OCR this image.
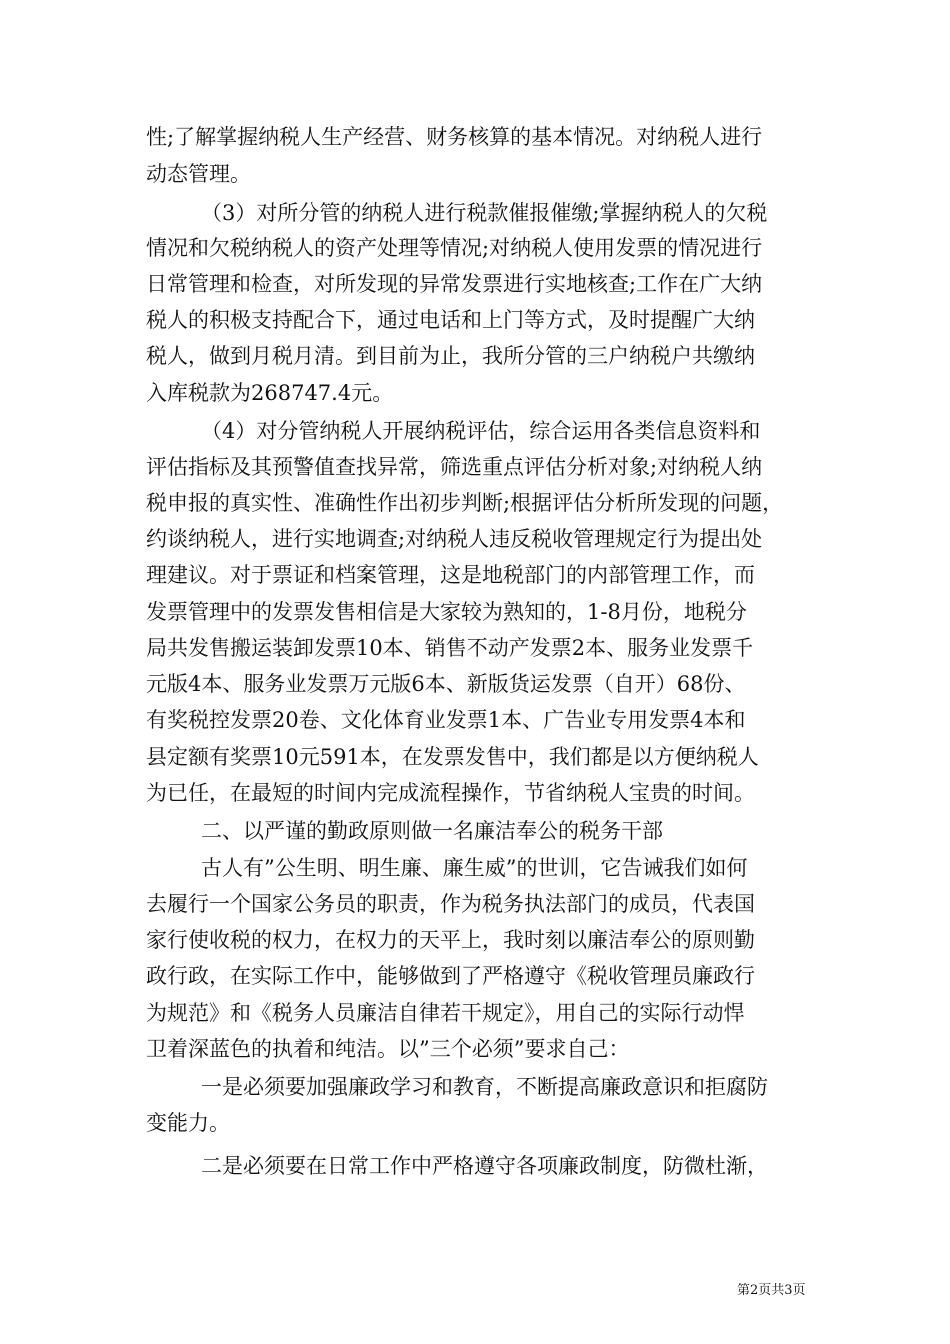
性;了解掌握纳税人生产经营、财务核算的基本情况。对纳税人进行
动态管理。
（3）对所分管的纳税人进行税款催报催缴;掌握纳税人的欠税
情况和欠税纳税人的资产处理等情况;对纳税人使用发票的情况进行
日常管理和检查，对所发现的异常发票进行实地核查;工作在广大纳
税人的积极支持配合下，通过电话和上门等方式，及时提醒广大纳
税人，做到月税月清。到目前为止，我所分管的三户纳税户共缴纳
入库税款为268747.4元。
（4）对分管纳税人开展纳税评估，综合运用各类信息资料和
评估指标及其预警值查找异常，筛选重点评估分析对象;对纳税人纳
税申报的真实性、准确性作出初步判断;根据评估分析所发现的问题，
约谈纳税人，进行实地调查;对纳税人违反税收管理规定行为提出处
理建议。对于票证和档案管理，这是地税部门的内部管理工作，而
发票管理中的发票发售相信是大家较为熟知的，1-8月份，地税分
局共发售搬运装卸发票10本、销售不动产发票2本、服务业发票千
元版4本、服务业发票万元版6本、新版货运发票（自开）68份、
有奖税控发票20卷、文化体育业发票1本、广告业专用发票4本和
县定额有奖票10元591本，在发票发售中，我们都是以方便纳税人
为已任，在最短的时间内完成流程操作，节省纳税人宝贵的时间。
二、以严谨的勤政原则做一名廉洁奉公的税务干部
古人有”公生明、明生廉、廉生威”的世训，它告诫我们如何
去履行一个国家公务员的职责，作为税务执法部门的成员，代表国
家行使收税的权力，在权力的天平上，我时刻以廉洁奉公的原则勤
政行政，在实际工作中，能够做到了严格遵守《税收管理员廉政行
为规范》和《税务人员廉洁自律若干规定》，用自己的实际行动悍
卫着深蓝色的执着和纯洁。以”三个必须”要求自己：
一是必须要加强廉政学习和教育，不断提高廉政意识和拒腐防
变能力。
二是必须要在日常工作中严格遵守各项廉政制度，防微杜渐，
第2页共3页
